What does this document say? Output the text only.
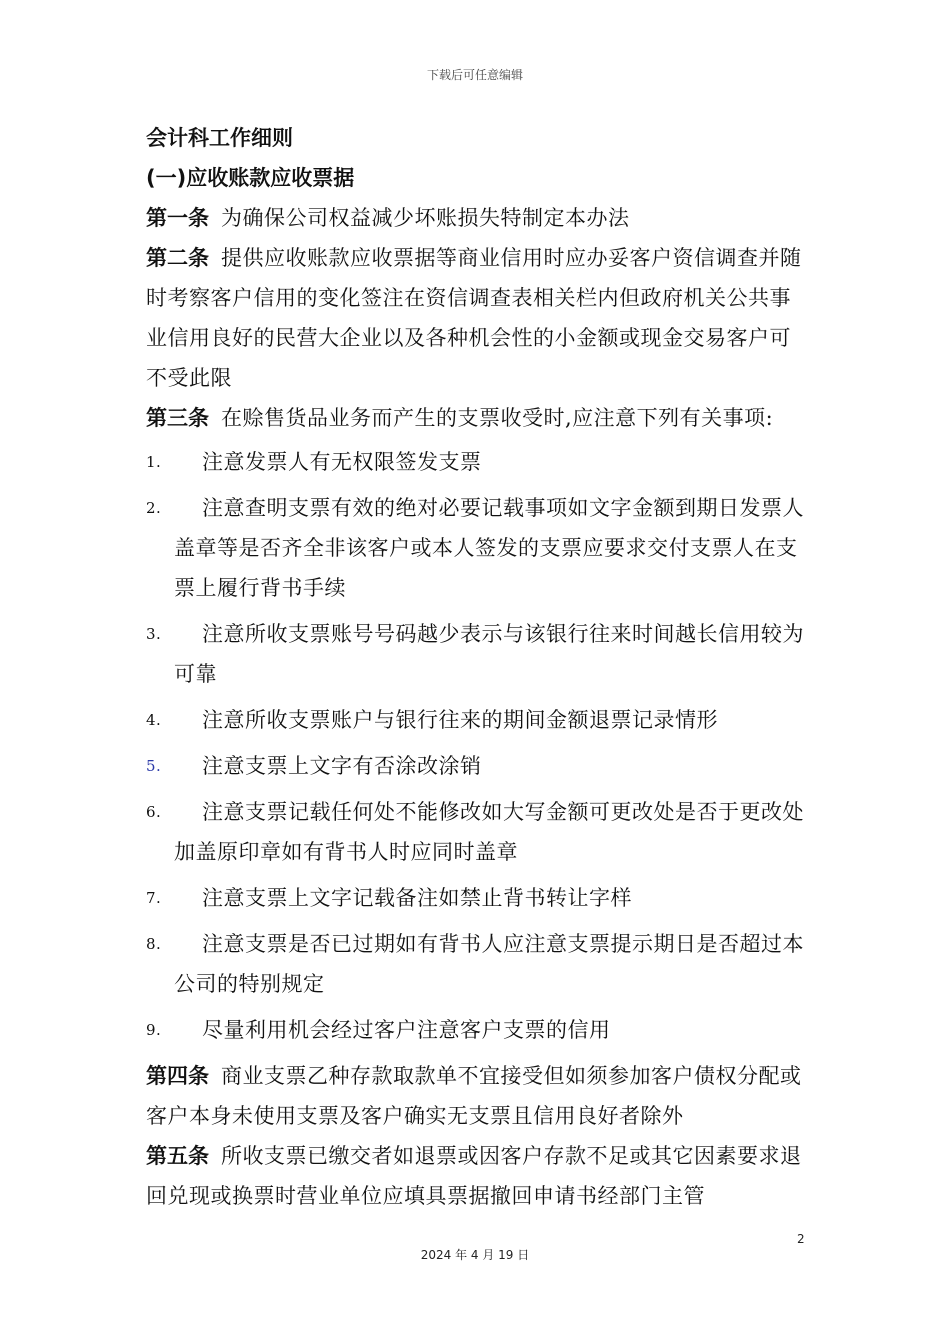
下载后可任意编辑

会计科工作细则

(一)应收账款应收票据

第一条 为确保公司权益减少坏账损失特制定本办法

第二条 提供应收账款应收票据等商业信用时应办妥客户资信调查并随时考察客户信用的变化签注在资信调查表相关栏内但政府机关公共事业信用良好的民营大企业以及各种机会性的小金额或现金交易客户可不受此限

第三条 在赊售货品业务而产生的支票收受时,应注意下列有关事项:

1.	注意发票人有无权限签发支票
2.	注意查明支票有效的绝对必要记载事项如文字金额到期日发票人盖章等是否齐全非该客户或本人签发的支票应要求交付支票人在支票上履行背书手续
3.	注意所收支票账号号码越少表示与该银行往来时间越长信用较为可靠
4.	注意所收支票账户与银行往来的期间金额退票记录情形
5.	注意支票上文字有否涂改涂销
6.	注意支票记载任何处不能修改如大写金额可更改处是否于更改处加盖原印章如有背书人时应同时盖章
7.	注意支票上文字记载备注如禁止背书转让字样
8.	注意支票是否已过期如有背书人应注意支票提示期日是否超过本公司的特别规定
9.	尽量利用机会经过客户注意客户支票的信用

第四条 商业支票乙种存款取款单不宜接受但如须参加客户债权分配或客户本身未使用支票及客户确实无支票且信用良好者除外

第五条 所收支票已缴交者如退票或因客户存款不足或其它因素要求退回兑现或换票时营业单位应填具票据撤回申请书经部门主管

2
2024 年 4 月 19 日
